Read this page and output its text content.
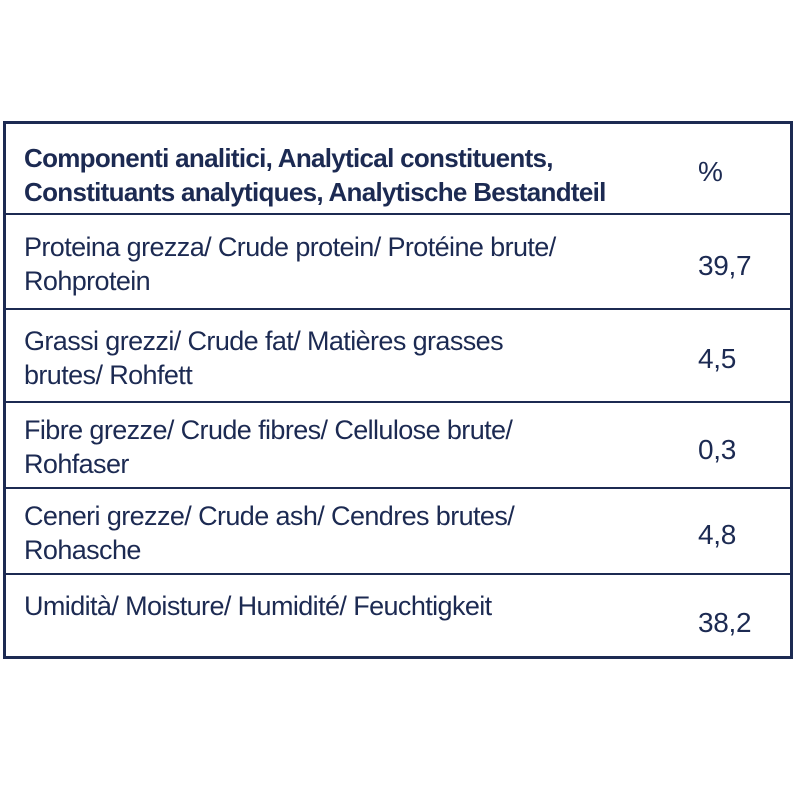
Componenti analitici, Analytical constituents,
Constituants analytiques, Analytische Bestandteil
%
Proteina grezza/ Crude protein/ Protéine brute/
Rohprotein
39,7
Grassi grezzi/ Crude fat/ Matières grasses
brutes/ Rohfett
4,5
Fibre grezze/ Crude fibres/ Cellulose brute/
Rohfaser	0,3
Ceneri grezze/ Crude ash/ Cendres brutes/
Rohasche	4,8
Umidità/ Moisture/ Humidité/ Feuchtigkeit
38,2
